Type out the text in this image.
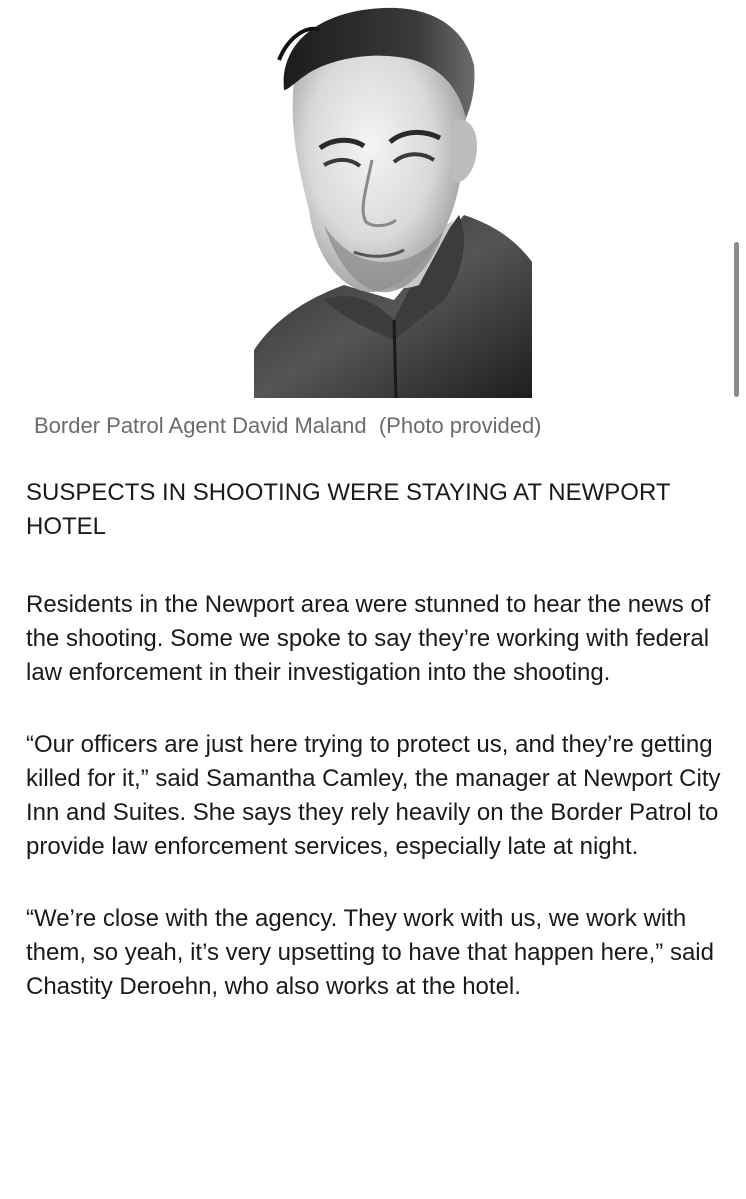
Border Patrol Agent David Maland  (Photo provided)
SUSPECTS IN SHOOTING WERE STAYING AT NEWPORT HOTEL

Residents in the Newport area were stunned to hear the news of the shooting. Some we spoke to say they’re working with federal law enforcement in their investigation into the shooting.

“Our officers are just here trying to protect us, and they’re getting killed for it,” said Samantha Camley, the manager at Newport City Inn and Suites. She says they rely heavily on the Border Patrol to provide law enforcement services, especially late at night.

“We’re close with the agency. They work with us, we work with them, so yeah, it’s very upsetting to have that happen here,” said Chastity Deroehn, who also works at the hotel.
